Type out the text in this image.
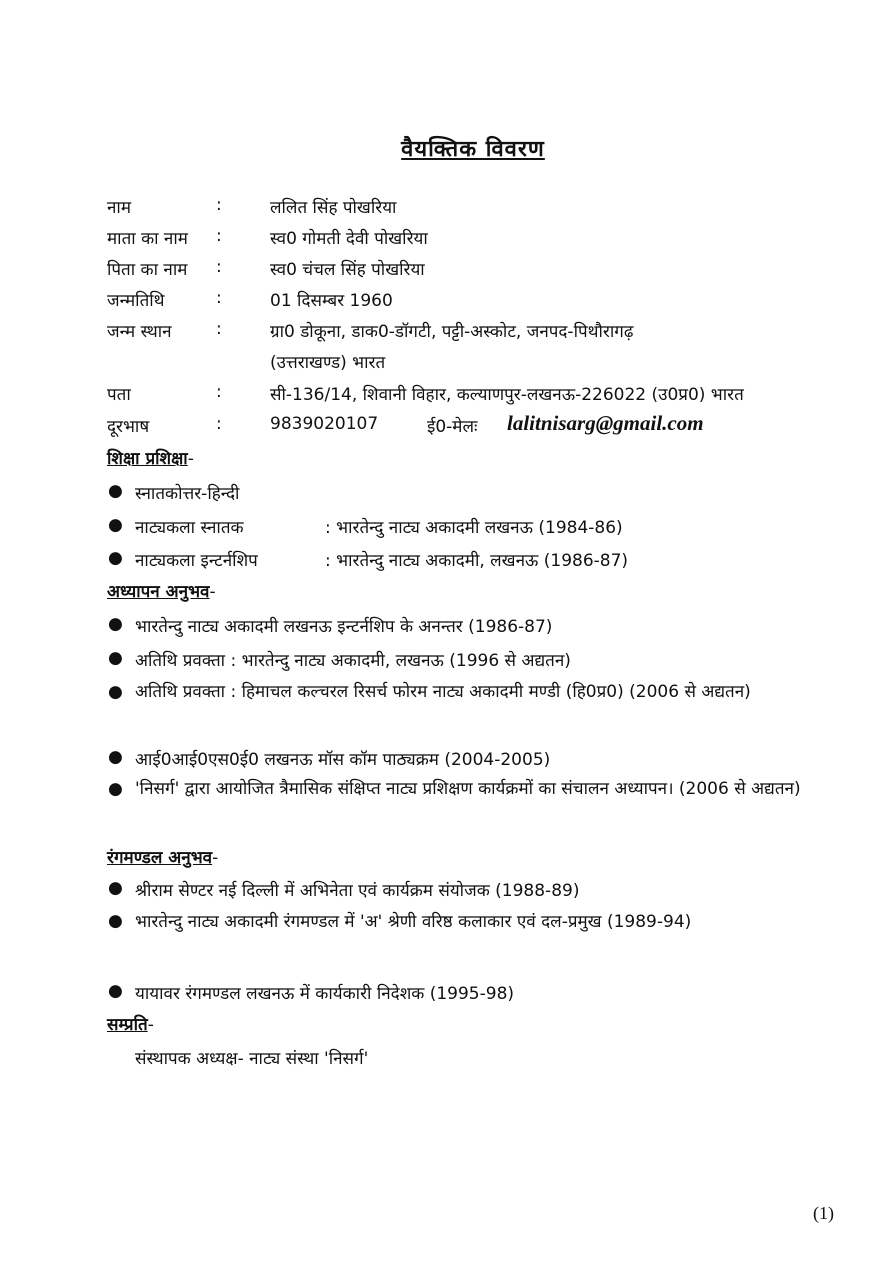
वैयक्तिक विवरण
नाम	:	ललित सिंह पोखरिया
माता का नाम :	स्व0 गोमती देवी पोखरिया
पिता का नाम :	स्व0 चंचल सिंह पोखरिया
जन्मतिथि	:	01 दिसम्बर 1960
जन्म स्थान	:	ग्रा0 डोकूना, डाक0-डॉगटी, पट्टी-अस्कोट, जनपद-पिथौरागढ़
(उत्तराखण्ड) भारत
पता	:	सी-136/14, शिवानी विहार, कल्याणपुर-लखनऊ-226022 (उ0प्र0) भारत
दूरभाष	:	9839020107	ई0-मेलः lalitnisarg@gmail.com
शिक्षा प्रशिक्षा-
● स्नातकोत्तर-हिन्दी
● नाट्यकला स्नातक	: भारतेन्दु नाट्य अकादमी लखनऊ (1984-86)
● नाट्यकला इन्टर्नशिप	: भारतेन्दु नाट्य अकादमी, लखनऊ (1986-87)
अध्यापन अनुभव-
● भारतेन्दु नाट्य अकादमी लखनऊ इन्टर्नशिप के अनन्तर (1986-87)
● अतिथि प्रवक्ता : भारतेन्दु नाट्य अकादमी, लखनऊ (1996 से अद्यतन)
● अतिथि प्रवक्ता : हिमाचल कल्चरल रिसर्च फोरम नाट्य अकादमी मण्डी (हि0प्र0) (2006 से अद्यतन)
● आई0आई0एस0ई0 लखनऊ मॉस कॉम पाठ्यक्रम (2004-2005)
● 'निसर्ग' द्वारा आयोजित त्रैमासिक संक्षिप्त नाट्य प्रशिक्षण कार्यक्रमों का संचालन अध्यापन। (2006 से अद्यतन)
रंगमण्डल अनुभव-
● श्रीराम सेण्टर नई दिल्ली में अभिनेता एवं कार्यक्रम संयोजक (1988-89)
● भारतेन्दु नाट्य अकादमी रंगमण्डल में 'अ' श्रेणी वरिष्ठ कलाकार एवं दल-प्रमुख (1989-94)
● यायावर रंगमण्डल लखनऊ में कार्यकारी निदेशक (1995-98)
सम्प्रति-
संस्थापक अध्यक्ष- नाट्य संस्था 'निसर्ग'
(1)
